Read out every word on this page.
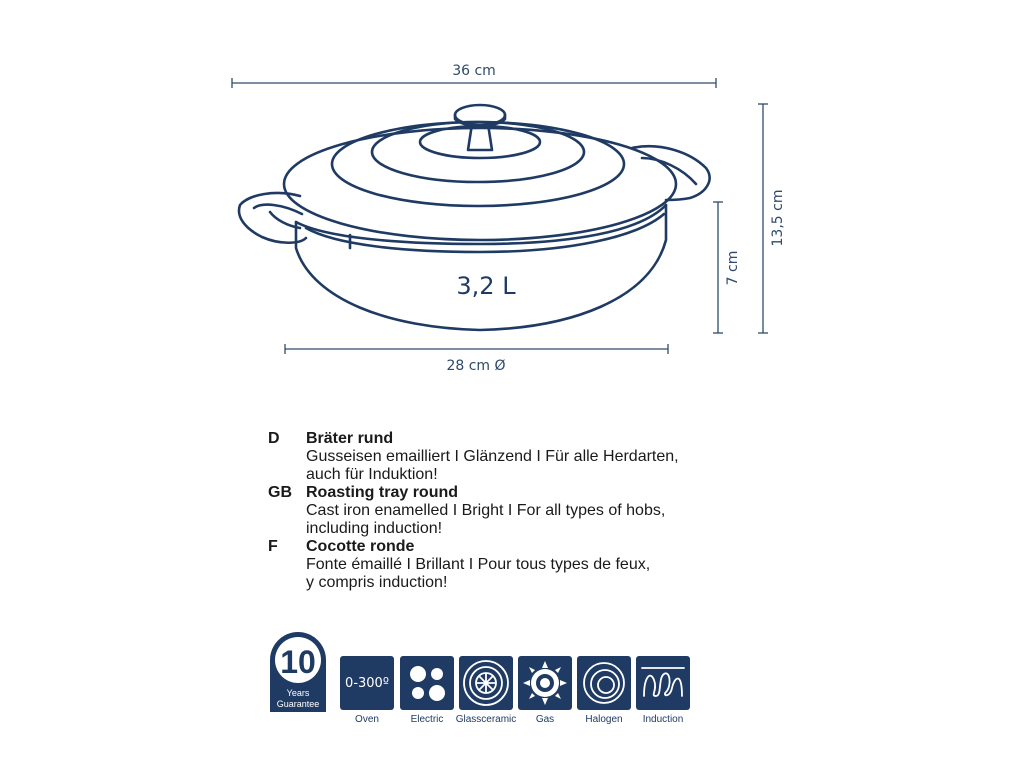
36 cm
28 cm Ø
13,5 cm
7 cm
3,2 L
D	Bräter rund
Gusseisen emailliert I Glänzend I Für alle Herdarten,
auch für Induktion!
GB Roasting tray round
Cast iron enamelled I Bright I For all types of hobs,
including induction!
F	Cocotte ronde
Fonte émaillé I Brillant I Pour tous types de feux,
y compris induction!
10
Years
Guarantee
0-300º
Oven	Electric	Glassceramic	Gas	Halogen	Induction
